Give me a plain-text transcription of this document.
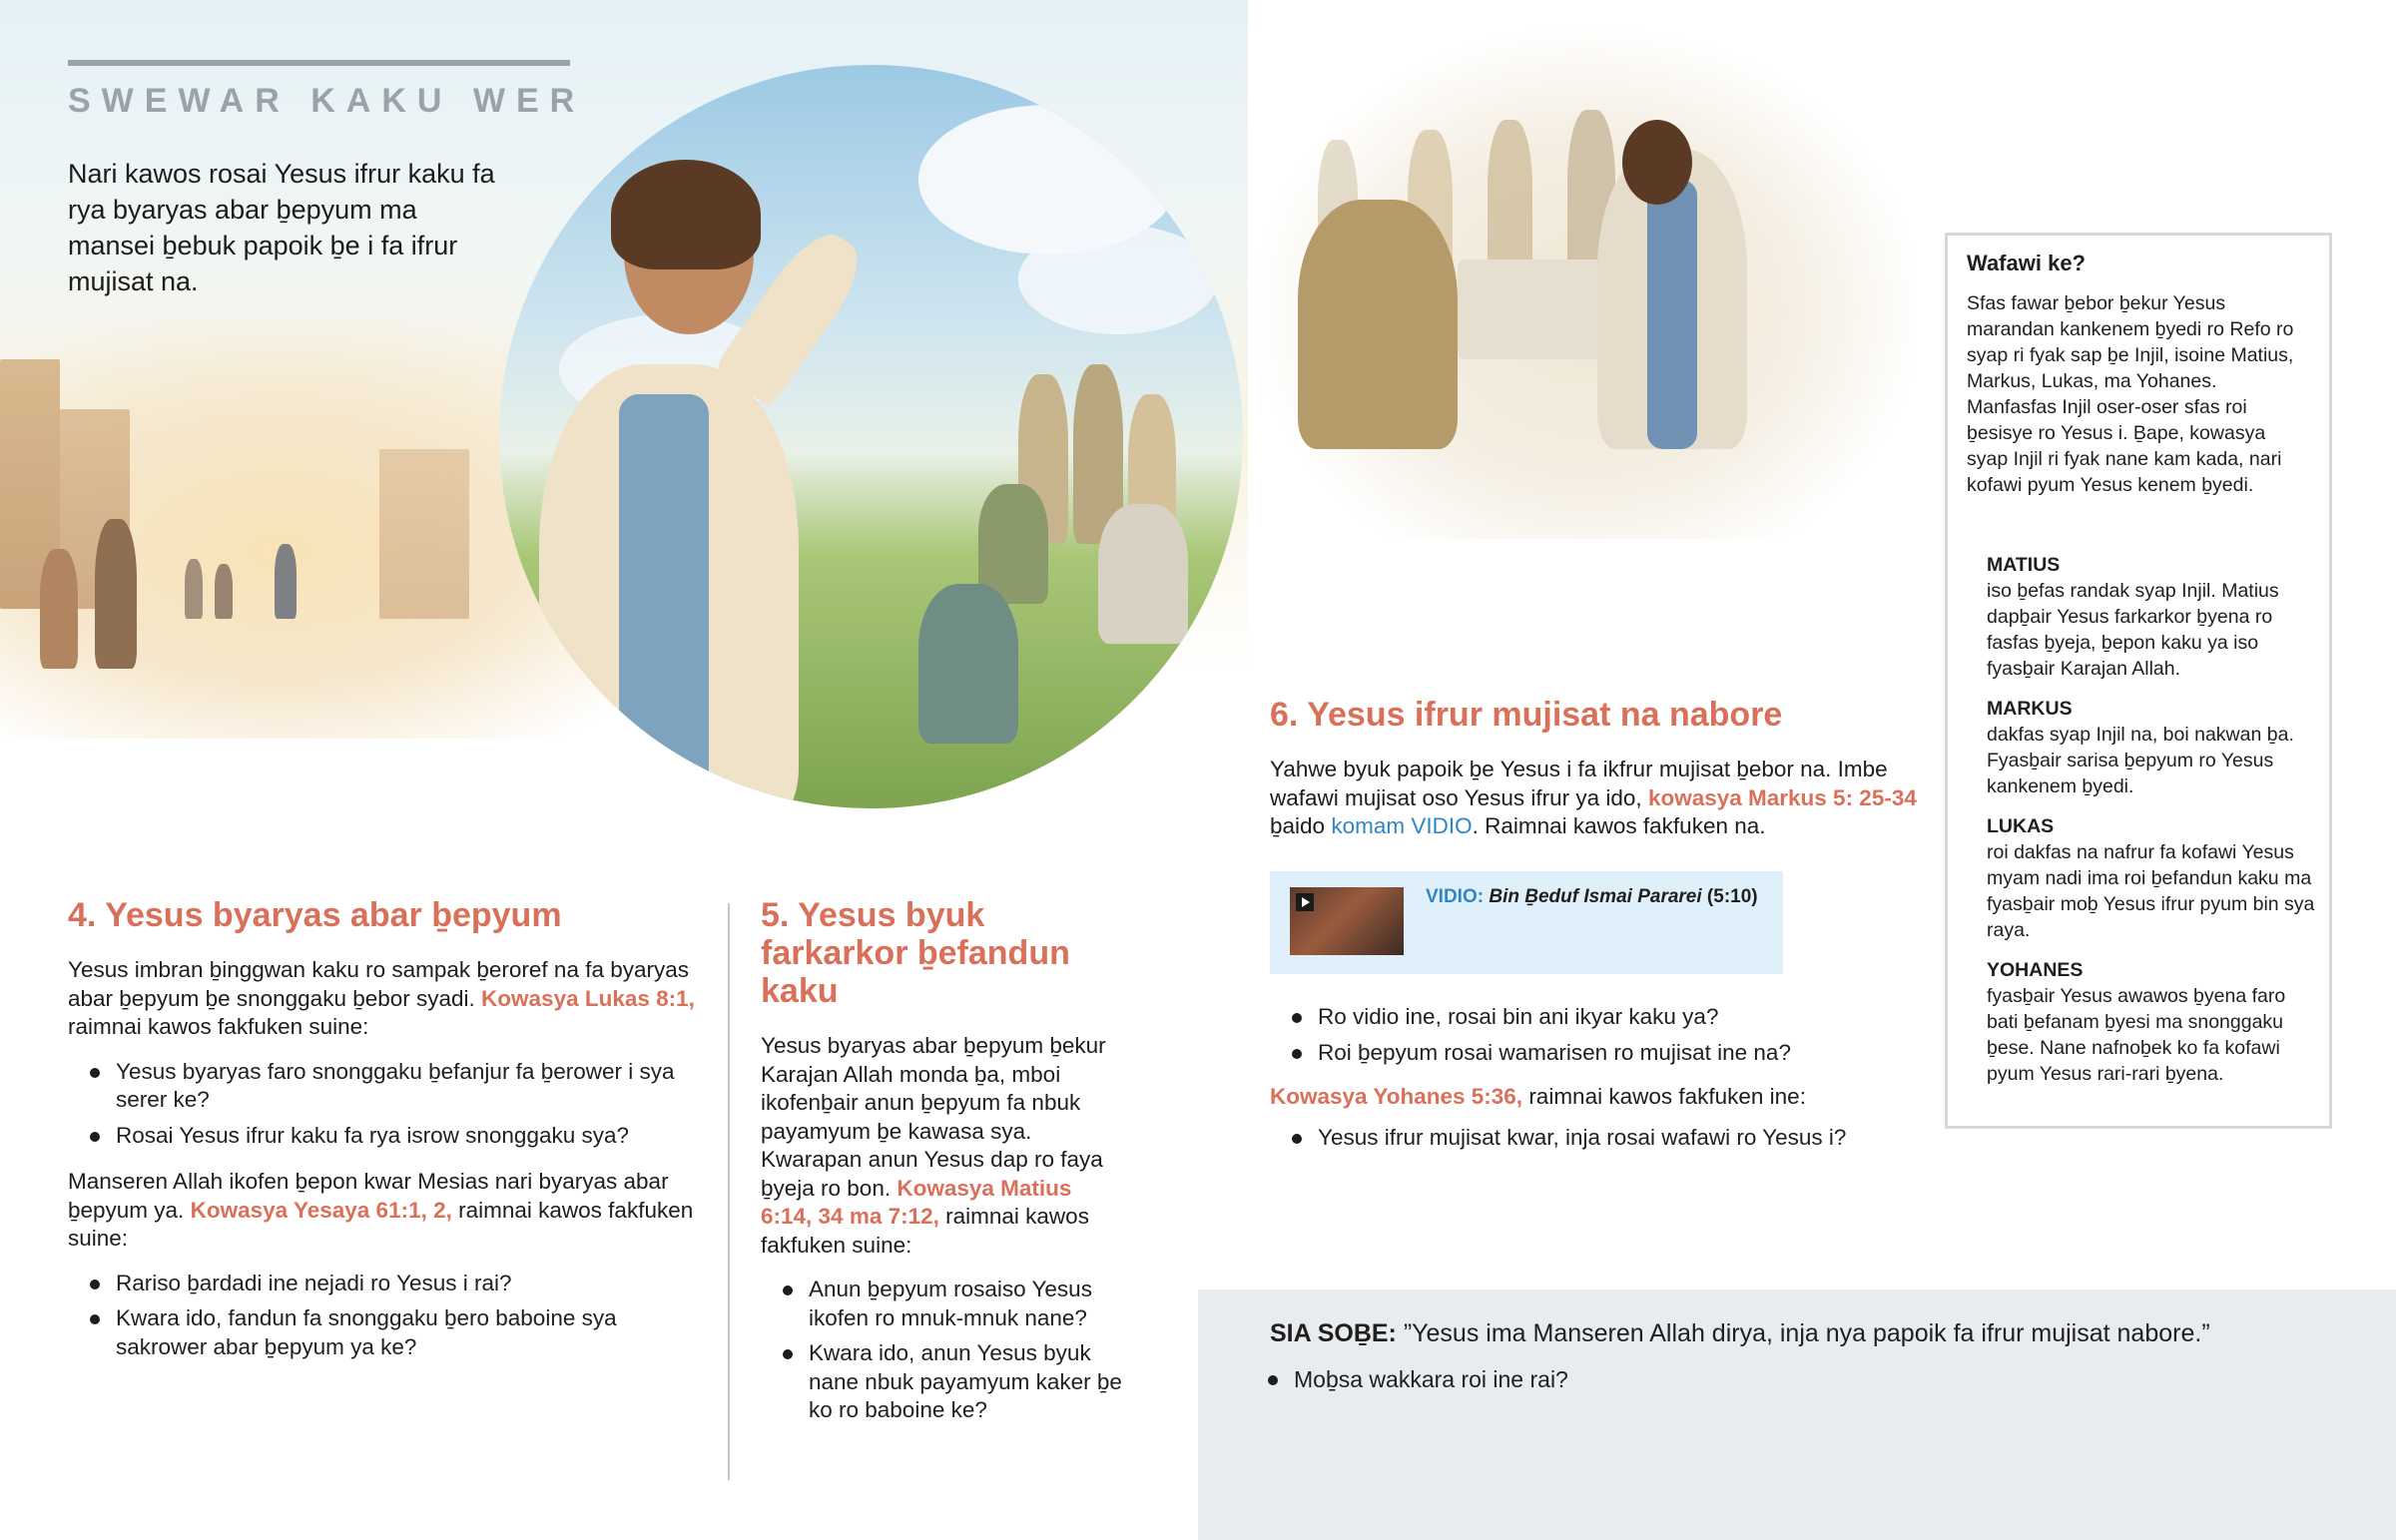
SWEWAR KAKU WER
Nari kawos rosai Yesus ifrur kaku fa rya byaryas abar ḇepyum ma mansei ḇebuk papoik ḇe i fa ifrur mujisat na.
4. Yesus byaryas abar ḇepyum

Yesus imbran ḇinggwan kaku ro sampak ḇeroref na fa byaryas abar ḇepyum ḇe snonggaku ḇebor syadi. Kowasya Lukas 8:1, raimnai kawos fakfuken suine:

Yesus byaryas faro snonggaku ḇefanjur fa ḇerower i sya serer ke?
Rosai Yesus ifrur kaku fa rya isrow snonggaku sya?

Manseren Allah ikofen ḇepon kwar Mesias nari byaryas abar ḇepyum ya. Kowasya Yesaya 61:1, 2, raimnai kawos fakfuken suine:

Rariso ḇardadi ine nejadi ro Yesus i rai?
Kwara ido, fandun fa snonggaku ḇero baboine sya sakrower abar ḇepyum ya ke?
5. Yesus byuk farkarkor ḇefandun kaku

Yesus byaryas abar ḇepyum ḇekur Karajan Allah monda ḇa, mboi ikofenḇair anun ḇepyum fa nbuk payamyum ḇe kawasa sya. Kwarapan anun Yesus dap ro faya ḇyeja ro bon. Kowasya Matius 6:14, 34 ma 7:12, raimnai kawos fakfuken suine:

Anun ḇepyum rosaiso Yesus ikofen ro mnuk-mnuk nane?
Kwara ido, anun Yesus byuk nane nbuk payamyum kaker ḇe ko ro baboine ke?
6. Yesus ifrur mujisat na nabore

Yahwe byuk papoik ḇe Yesus i fa ikfrur mujisat ḇebor na. Imbe wafawi mujisat oso Yesus ifrur ya ido, kowasya Markus 5: 25-34 ḇaido komam VIDIO. Raimnai kawos fakfuken na.

VIDIO: Bin Ḇeduf Ismai Pararei (5:10)
Ro vidio ine, rosai bin ani ikyar kaku ya?
Roi ḇepyum rosai wamarisen ro mujisat ine na?

Kowasya Yohanes 5:36, raimnai kawos fakfuken ine:

Yesus ifrur mujisat kwar, inja rosai wafawi ro Yesus i?
Wafawi ke?
Sfas fawar ḇebor ḇekur Yesus marandan kankenem ḇyedi ro Refo ro syap ri fyak sap ḇe Injil, isoine Matius, Markus, Lukas, ma Yohanes. Manfasfas Injil oser-oser sfas roi ḇesisye ro Yesus i. Ḇape, kowasya syap Injil ri fyak nane kam kada, nari kofawi pyum Yesus kenem ḇyedi.
MATIUS
iso ḇefas randak syap Injil. Matius dapḇair Yesus farkarkor ḇyena ro fasfas ḇyeja, ḇepon kaku ya iso fyasḇair Karajan Allah.
MARKUS
dakfas syap Injil na, boi nakwan ḇa. Fyasḇair sarisa ḇepyum ro Yesus kankenem ḇyedi.
LUKAS
roi dakfas na nafrur fa kofawi Yesus myam nadi ima roi ḇefandun kaku ma fyasḇair moḇ Yesus ifrur pyum bin sya raya.
YOHANES
fyasḇair Yesus awawos ḇyena faro bati ḇefanam ḇyesi ma snonggaku ḇese. Nane nafnoḇek ko fa kofawi pyum Yesus rari-rari ḇyena.
SIA SOḆE: ”Yesus ima Manseren Allah dirya, inja nya papoik fa ifrur mujisat nabore.”
Moḇsa wakkara roi ine rai?
